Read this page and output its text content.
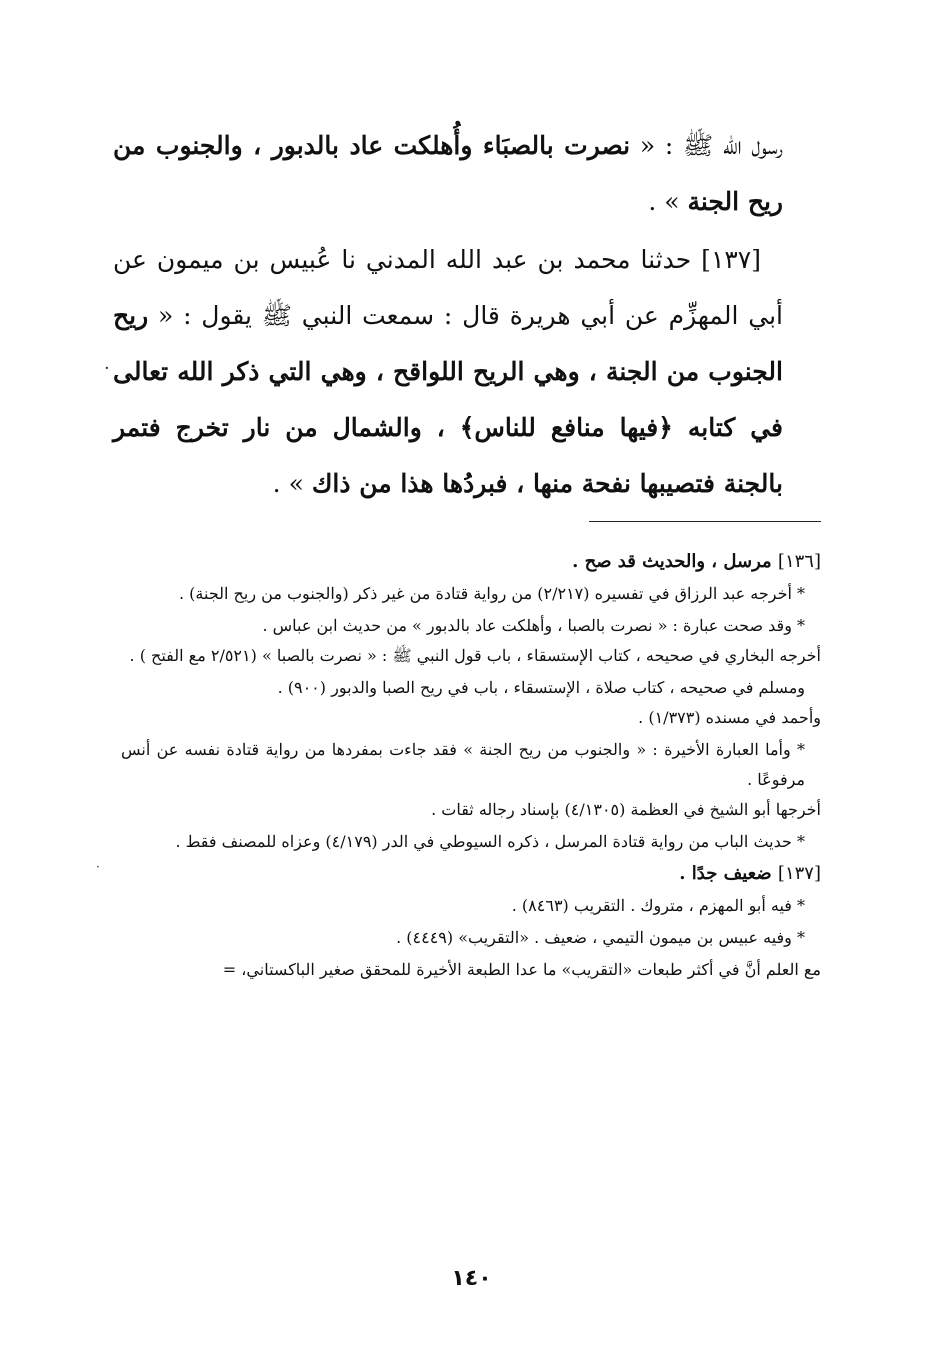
رسول الله ﷺ : « نصرت بالصبَاء وأُهلكت عاد بالدبور ، والجنوب من ريح الجنة » .

[١٣٧] حدثنا محمد بن عبد الله المدني نا عُبيس بن ميمون عن أبي المهزِّم عن أبي هريرة قال : سمعت النبي ﷺ يقول : « ريح الجنوب من الجنة ، وهي الريح اللواقح ، وهي التي ذكر الله تعالى في كتابه ﴿فيها منافع للناس﴾ ، والشمال من نار تخرج فتمر بالجنة فتصيبها نفحة منها ، فبردُها هذا من ذاك » .

[١٣٦] مرسل ، والحديث قد صح .

* أخرجه عبد الرزاق في تفسيره (٢/٢١٧) من رواية قتادة من غير ذكر (والجنوب من ريح الجنة) .

* وقد صحت عبارة : « نصرت بالصبا ، وأهلكت عاد بالدبور » من حديث ابن عباس .

أخرجه البخاري في صحيحه ، كتاب الإستسقاء ، باب قول النبي ﷺ : « نصرت بالصبا » (٢/٥٢١ مع الفتح ) .

ومسلم في صحيحه ، كتاب صلاة ، الإستسقاء ، باب في ريح الصبا والدبور (٩٠٠) .

وأحمد في مسنده (١/٣٧٣) .

* وأما العبارة الأخيرة : « والجنوب من ريح الجنة » فقد جاءت بمفردها من رواية قتادة نفسه عن أنس مرفوعًا .

أخرجها أبو الشيخ في العظمة (٤/١٣٠٥) بإسناد رجاله ثقات .

* حديث الباب من رواية قتادة المرسل ، ذكره السيوطي في الدر (٤/١٧٩) وعزاه للمصنف فقط .

[١٣٧] ضعيف جدًا .

* فيه أبو المهزم ، متروك . التقريب (٨٤٦٣) .

* وفيه عبيس بن ميمون التيمي ، ضعيف . «التقريب» (٤٤٤٩) .

مع العلم أنَّ في أكثر طبعات «التقريب» ما عدا الطبعة الأخيرة للمحقق صغير الباكستاني، =

·
·
١٤٠
